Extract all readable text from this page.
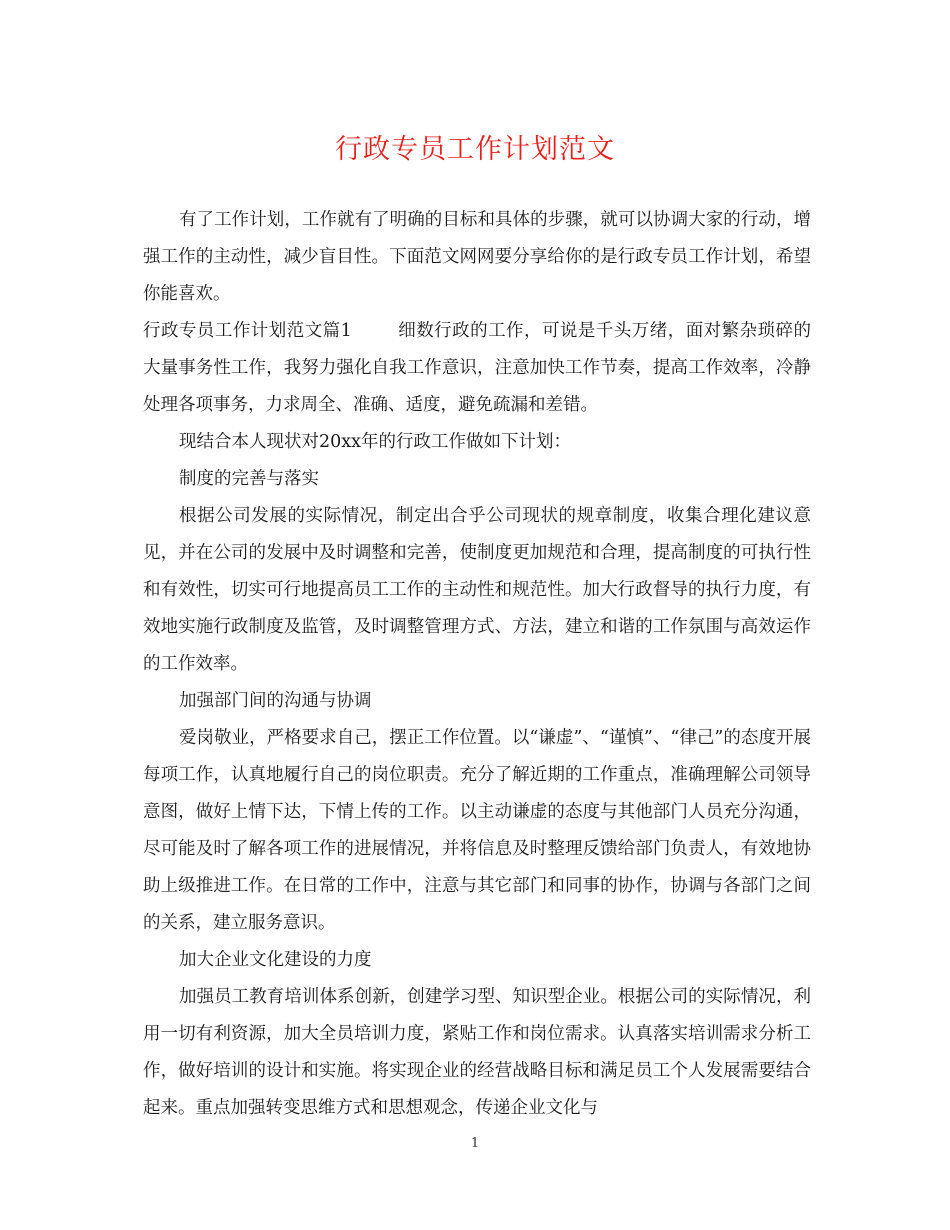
行政专员工作计划范文

有了工作计划，工作就有了明确的目标和具体的步骤，就可以协调大家的行动，增强工作的主动性，减少盲目性。下面范文网网要分享给你的是行政专员工作计划，希望你能喜欢。

行政专员工作计划范文篇1	细数行政的工作，可说是千头万绪，面对繁杂琐碎的大量事务性工作，我努力强化自我工作意识，注意加快工作节奏，提高工作效率，冷静处理各项事务，力求周全、准确、适度，避免疏漏和差错。

现结合本人现状对20xx年的行政工作做如下计划：

制度的完善与落实

根据公司发展的实际情况，制定出合乎公司现状的规章制度，收集合理化建议意见，并在公司的发展中及时调整和完善，使制度更加规范和合理，提高制度的可执行性和有效性，切实可行地提高员工工作的主动性和规范性。加大行政督导的执行力度，有效地实施行政制度及监管，及时调整管理方式、方法，建立和谐的工作氛围与高效运作的工作效率。

加强部门间的沟通与协调

爱岗敬业，严格要求自己，摆正工作位置。以“谦虚”、“谨慎”、“律己”的态度开展每项工作，认真地履行自己的岗位职责。充分了解近期的工作重点，准确理解公司领导意图，做好上情下达，下情上传的工作。以主动谦虚的态度与其他部门人员充分沟通，尽可能及时了解各项工作的进展情况，并将信息及时整理反馈给部门负责人，有效地协助上级推进工作。在日常的工作中，注意与其它部门和同事的协作，协调与各部门之间的关系，建立服务意识。

加大企业文化建设的力度

加强员工教育培训体系创新，创建学习型、知识型企业。根据公司的实际情况，利用一切有利资源，加大全员培训力度，紧贴工作和岗位需求。认真落实培训需求分析工作，做好培训的设计和实施。将实现企业的经营战略目标和满足员工个人发展需要结合起来。重点加强转变思维方式和思想观念，传递企业文化与

1
